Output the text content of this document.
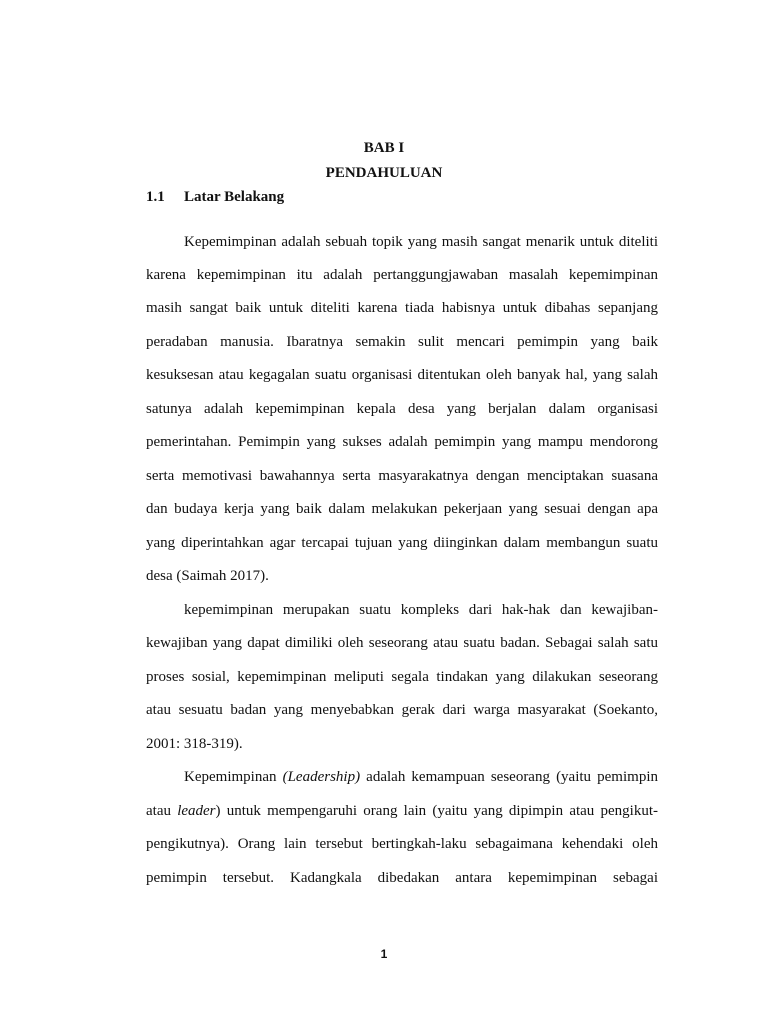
BAB I
PENDAHULUAN
1.1 Latar Belakang
Kepemimpinan adalah sebuah topik yang masih sangat menarik untuk diteliti
karena kepemimpinan itu adalah pertanggungjawaban masalah kepemimpinan
masih sangat baik untuk diteliti karena tiada habisnya untuk dibahas sepanjang
peradaban manusia. Ibaratnya semakin sulit mencari pemimpin yang baik
kesuksesan atau kegagalan suatu organisasi ditentukan oleh banyak hal, yang salah
satunya adalah kepemimpinan kepala desa yang berjalan dalam organisasi
pemerintahan. Pemimpin yang sukses adalah pemimpin yang mampu mendorong
serta memotivasi bawahannya serta masyarakatnya dengan menciptakan suasana
dan budaya kerja yang baik dalam melakukan pekerjaan yang sesuai dengan apa
yang diperintahkan agar tercapai tujuan yang diinginkan dalam membangun suatu
desa (Saimah 2017).
kepemimpinan merupakan suatu kompleks dari hak-hak dan kewajiban-
kewajiban yang dapat dimiliki oleh seseorang atau suatu badan. Sebagai salah satu
proses sosial, kepemimpinan meliputi segala tindakan yang dilakukan seseorang
atau sesuatu badan yang menyebabkan gerak dari warga masyarakat (Soekanto,
2001: 318-319).
Kepemimpinan (Leadership) adalah kemampuan seseorang (yaitu pemimpin
atau leader) untuk mempengaruhi orang lain (yaitu yang dipimpin atau pengikut-
pengikutnya). Orang lain tersebut bertingkah-laku sebagaimana kehendaki oleh
pemimpin tersebut. Kadangkala dibedakan antara kepemimpinan sebagai
1
